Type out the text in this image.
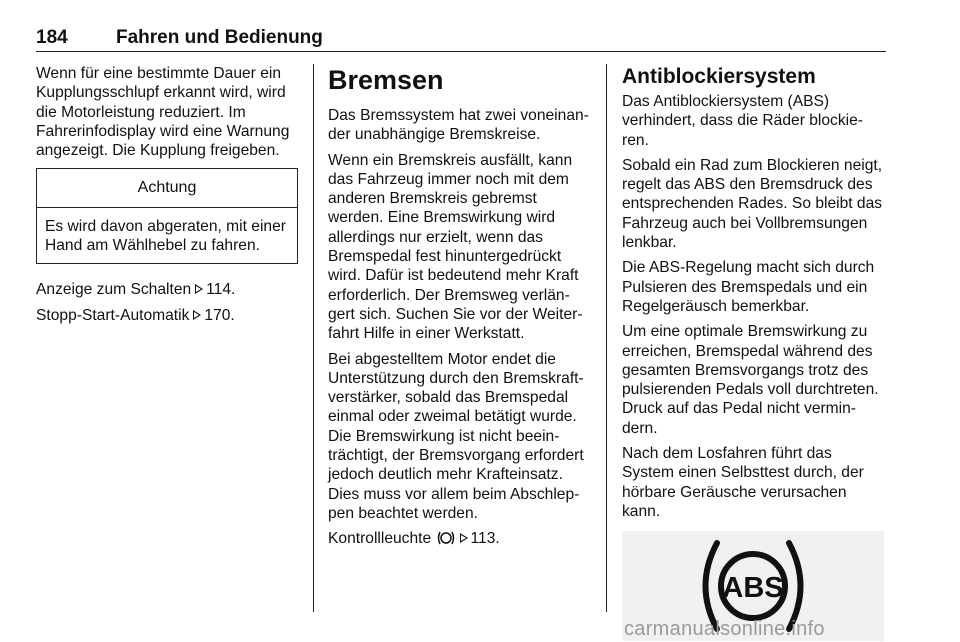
184	Fahren und Bedienung

Wenn für eine bestimmte Dauer ein Kupplungsschlupf erkannt wird, wird die Motorleistung reduziert. Im Fahrerinfodisplay wird eine Warnung angezeigt. Die Kupplung freigeben.

Achtung
Es wird davon abgeraten, mit einer Hand am Wählhebel zu fahren.

Anzeige zum Schalten 114.

Stopp-Start-Automatik 170.

Bremsen

Das Bremssystem hat zwei voneinan-der unabhängige Bremskreise.

Wenn ein Bremskreis ausfällt, kann das Fahrzeug immer noch mit dem anderen Bremskreis gebremst werden. Eine Bremswirkung wird allerdings nur erzielt, wenn das Bremspedal fest hinuntergedrückt wird. Dafür ist bedeutend mehr Kraft erforderlich. Der Bremsweg verlän-gert sich. Suchen Sie vor der Weiter-fahrt Hilfe in einer Werkstatt.

Bei abgestelltem Motor endet die Unterstützung durch den Bremskraft-verstärker, sobald das Bremspedal einmal oder zweimal betätigt wurde. Die Bremswirkung ist nicht beein-trächtigt, der Bremsvorgang erfordert jedoch deutlich mehr Krafteinsatz. Dies muss vor allem beim Abschlep-pen beachtet werden.

Kontrollleuchte	113.

Antiblockiersystem

Das Antiblockiersystem (ABS) verhindert, dass die Räder blockie-ren.

Sobald ein Rad zum Blockieren neigt, regelt das ABS den Bremsdruck des entsprechenden Rades. So bleibt das Fahrzeug auch bei Vollbremsungen lenkbar.

Die ABS-Regelung macht sich durch Pulsieren des Bremspedals und ein Regelgeräusch bemerkbar.

Um eine optimale Bremswirkung zu erreichen, Bremspedal während des gesamten Bremsvorgangs trotz des pulsierenden Pedals voll durchtreten. Druck auf das Pedal nicht vermin-dern.

Nach dem Losfahren führt das System einen Selbsttest durch, der hörbare Geräusche verursachen kann.

ABS
carmanualsonline.info
